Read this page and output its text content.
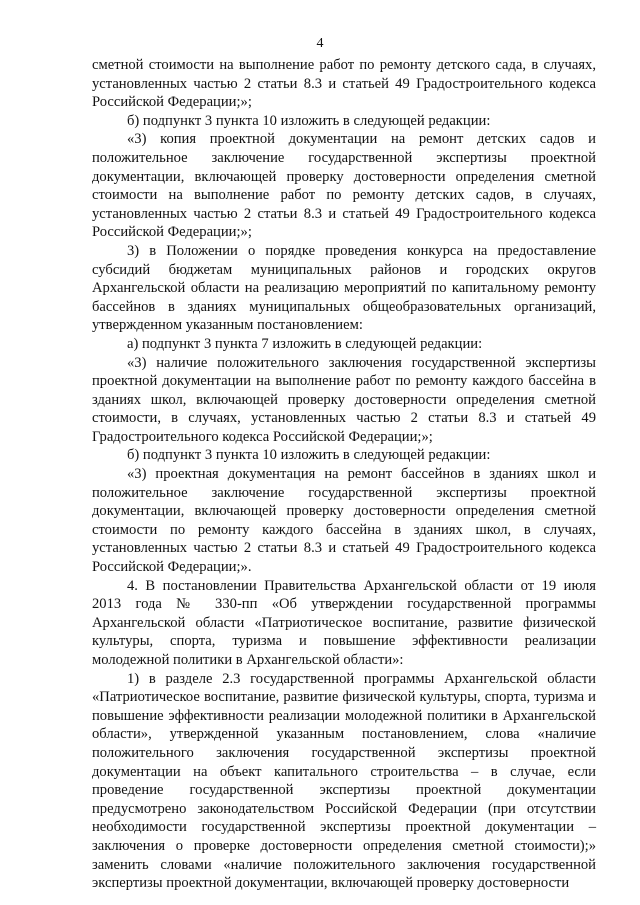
4

сметной стоимости на выполнение работ по ремонту детского сада, в случаях, установленных частью 2 статьи 8.3 и статьей 49 Градостроительного кодекса Российской Федерации;»;

б) подпункт 3 пункта 10 изложить в следующей редакции:

«3) копия проектной документации на ремонт детских садов и положительное заключение государственной экспертизы проектной документации, включающей проверку достоверности определения сметной стоимости на выполнение работ по ремонту детских садов, в случаях, установленных частью 2 статьи 8.3 и статьей 49 Градостроительного кодекса Российской Федерации;»;

3) в Положении о порядке проведения конкурса на предоставление субсидий бюджетам муниципальных районов и городских округов Архангельской области на реализацию мероприятий по капитальному ремонту бассейнов в зданиях муниципальных общеобразовательных организаций, утвержденном указанным постановлением:

а) подпункт 3 пункта 7 изложить в следующей редакции:

«3) наличие положительного заключения государственной экспертизы проектной документации на выполнение работ по ремонту каждого бассейна в зданиях школ, включающей проверку достоверности определения сметной стоимости, в случаях, установленных частью 2 статьи 8.3 и статьей 49 Градостроительного кодекса Российской Федерации;»;

б) подпункт 3 пункта 10 изложить в следующей редакции:

«3) проектная документация на ремонт бассейнов в зданиях школ и положительное заключение государственной экспертизы проектной документации, включающей проверку достоверности определения сметной стоимости по ремонту каждого бассейна в зданиях школ, в случаях, установленных частью 2 статьи 8.3 и статьей 49 Градостроительного кодекса Российской Федерации;».

4. В постановлении Правительства Архангельской области от 19 июля 2013 года № 330-пп «Об утверждении государственной программы Архангельской области «Патриотическое воспитание, развитие физической культуры, спорта, туризма и повышение эффективности реализации молодежной политики в Архангельской области»:

1) в разделе 2.3 государственной программы Архангельской области «Патриотическое воспитание, развитие физической культуры, спорта, туризма и повышение эффективности реализации молодежной политики в Архангельской области», утвержденной указанным постановлением, слова «наличие положительного заключения государственной экспертизы проектной документации на объект капитального строительства – в случае, если проведение государственной экспертизы проектной документации предусмотрено законодательством Российской Федерации (при отсутствии необходимости государственной экспертизы проектной документации – заключения о проверке достоверности определения сметной стоимости);» заменить словами «наличие положительного заключения государственной экспертизы проектной документации, включающей проверку достоверности
